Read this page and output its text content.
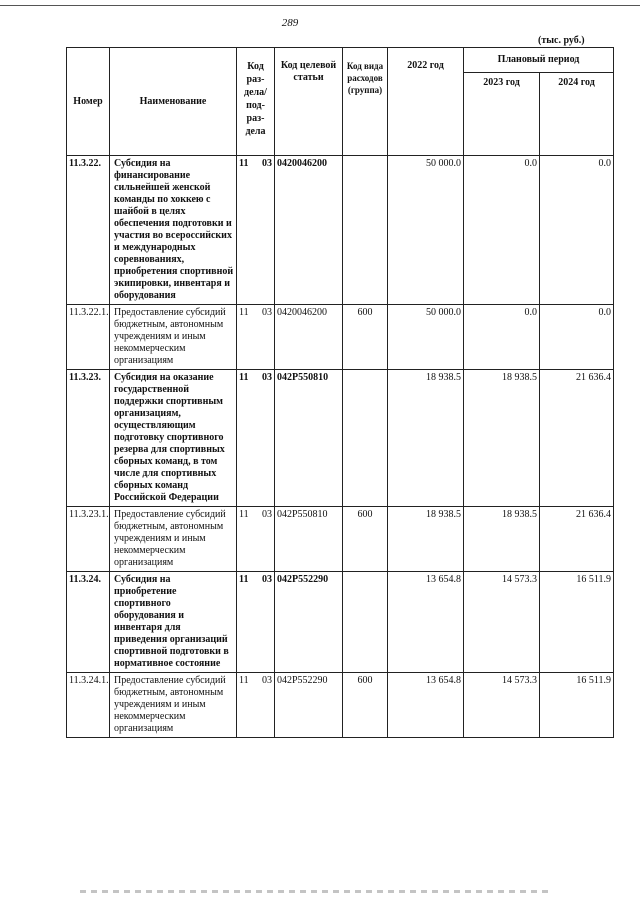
289
(тыс. руб.)
Номер	Наименование	Код раз-дела/ под-раз-дела	Код целевой статьи	Код вида расходов (группа)	2022 год	Плановый период	
						2023 год	2024 год
11.3.22.	Субсидия на финансирование сильнейшей женской команды по хоккею с шайбой в целях обеспечения подготовки и участия во всероссийских и международных соревнованиях, приобретения спортивной экипировки, инвентаря и оборудования	11 03	0420046200		50 000.0	0.0	0.0
11.3.22.1.	Предоставление субсидий бюджетным, автономным учреждениям и иным некоммерческим организациям	11 03	0420046200	600	50 000.0	0.0	0.0
11.3.23.	Субсидия на оказание государственной поддержки спортивным организациям, осуществляющим подготовку спортивного резерва для спортивных сборных команд, в том числе для спортивных сборных команд Российской Федерации	11 03	042P550810		18 938.5	18 938.5	21 636.4
11.3.23.1.	Предоставление субсидий бюджетным, автономным учреждениям и иным некоммерческим организациям	11 03	042P550810	600	18 938.5	18 938.5	21 636.4
11.3.24.	Субсидия на приобретение спортивного оборудования и инвентаря для приведения организаций спортивной подготовки в нормативное состояние	11 03	042P552290		13 654.8	14 573.3	16 511.9
11.3.24.1.	Предоставление субсидий бюджетным, автономным учреждениям и иным некоммерческим организациям	11 03	042P552290	600	13 654.8	14 573.3	16 511.9
